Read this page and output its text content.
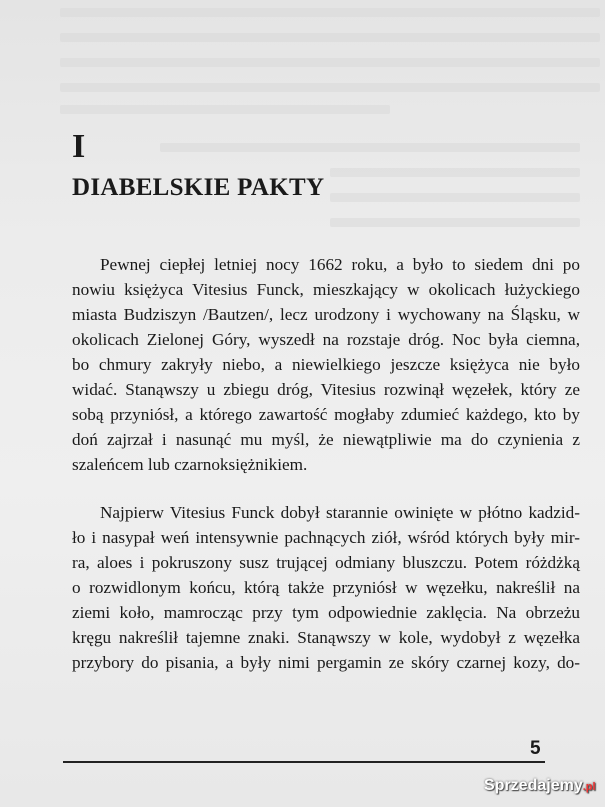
I
DIABELSKIE PAKTY
Pewnej ciepłej letniej nocy 1662 roku, a było to siedem dni po
nowiu księżyca Vitesius Funck, mieszkający w okolicach łużyckiego
miasta Budziszyn /Bautzen/, lecz urodzony i wychowany na Śląsku, w
okolicach Zielonej Góry, wyszedł na rozstaje dróg. Noc była ciemna,
bo chmury zakryły niebo, a niewielkiego jeszcze księżyca nie było
widać. Stanąwszy u zbiegu dróg, Vitesius rozwinął węzełek, który ze
sobą przyniósł, a którego zawartość mogłaby zdumieć każdego, kto by
doń zajrzał i nasunąć mu myśl, że niewątpliwie ma do czynienia z
szaleńcem lub czarnoksiężnikiem.
Najpierw Vitesius Funck dobył starannie owinięte w płótno kadzid-
ło i nasypał weń intensywnie pachnących ziół, wśród których były mir-
ra, aloes i pokruszony susz trującej odmiany bluszczu. Potem różdżką
o rozwidlonym końcu, którą także przyniósł w węzełku, nakreślił na
ziemi koło, mamrocząc przy tym odpowiednie zaklęcia. Na obrzeżu
kręgu nakreślił tajemne znaki. Stanąwszy w kole, wydobył z węzełka
przybory do pisania, a były nimi pergamin ze skóry czarnej kozy, do-
5
Sprzedajemy.pl
